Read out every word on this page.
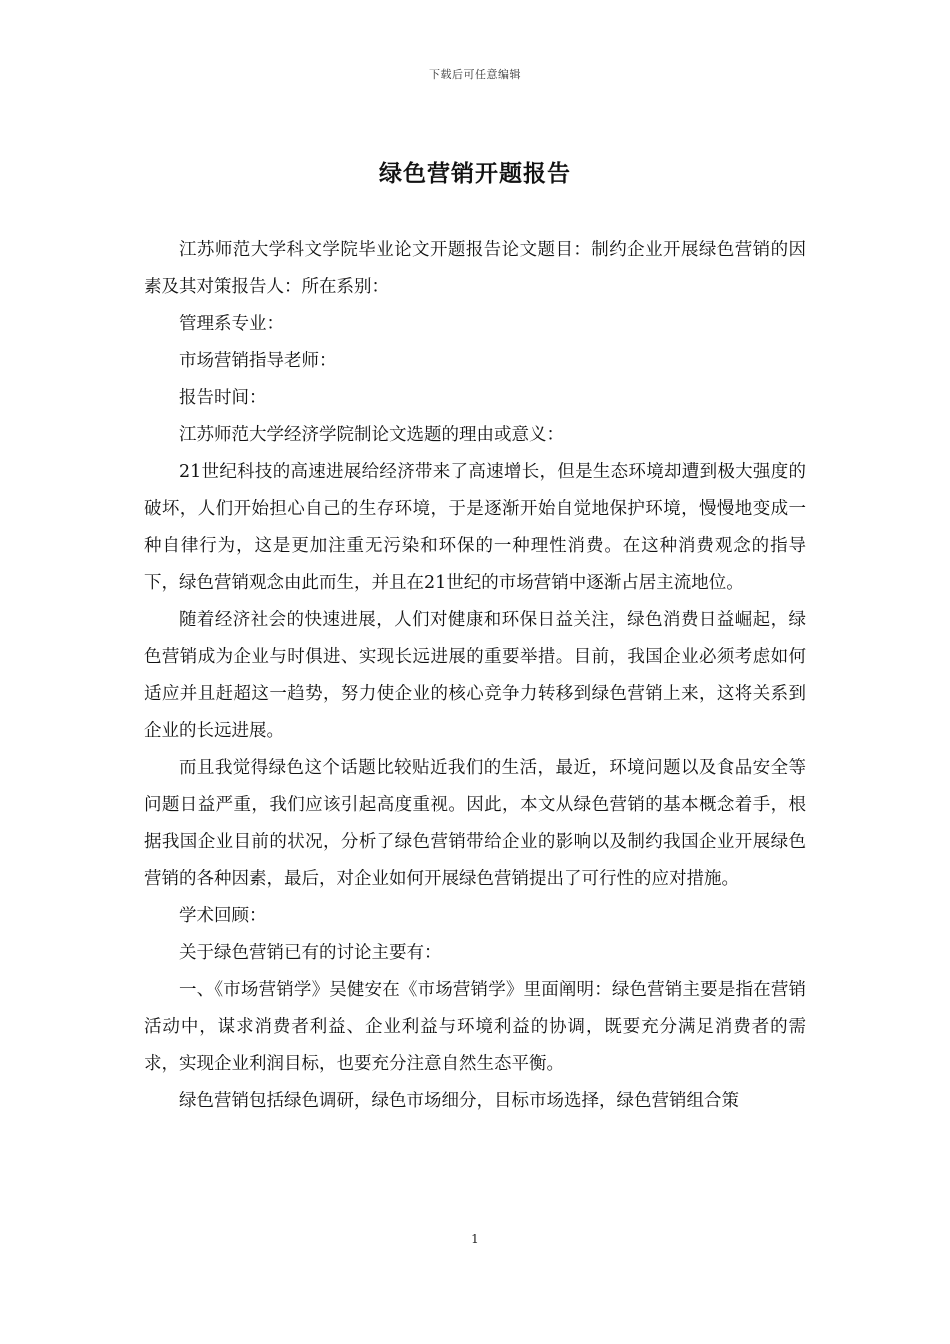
下载后可任意编辑
绿色营销开题报告

江苏师范大学科文学院毕业论文开题报告论文题目：制约企业开展绿色营销的因素及其对策报告人：所在系别：

管理系专业：

市场营销指导老师：

报告时间：

江苏师范大学经济学院制论文选题的理由或意义：

21世纪科技的高速进展给经济带来了高速增长，但是生态环境却遭到极大强度的破坏，人们开始担心自己的生存环境，于是逐渐开始自觉地保护环境，慢慢地变成一种自律行为，这是更加注重无污染和环保的一种理性消费。在这种消费观念的指导下，绿色营销观念由此而生，并且在21世纪的市场营销中逐渐占居主流地位。

随着经济社会的快速进展，人们对健康和环保日益关注，绿色消费日益崛起，绿色营销成为企业与时俱进、实现长远进展的重要举措。目前，我国企业必须考虑如何适应并且赶超这一趋势，努力使企业的核心竞争力转移到绿色营销上来，这将关系到企业的长远进展。

而且我觉得绿色这个话题比较贴近我们的生活，最近，环境问题以及食品安全等问题日益严重，我们应该引起高度重视。因此，本文从绿色营销的基本概念着手，根据我国企业目前的状况，分析了绿色营销带给企业的影响以及制约我国企业开展绿色营销的各种因素，最后，对企业如何开展绿色营销提出了可行性的应对措施。

学术回顾：

关于绿色营销已有的讨论主要有：

一、《市场营销学》吴健安在《市场营销学》里面阐明：绿色营销主要是指在营销活动中，谋求消费者利益、企业利益与环境利益的协调，既要充分满足消费者的需求，实现企业利润目标，也要充分注意自然生态平衡。

绿色营销包括绿色调研，绿色市场细分，目标市场选择，绿色营销组合策

1
